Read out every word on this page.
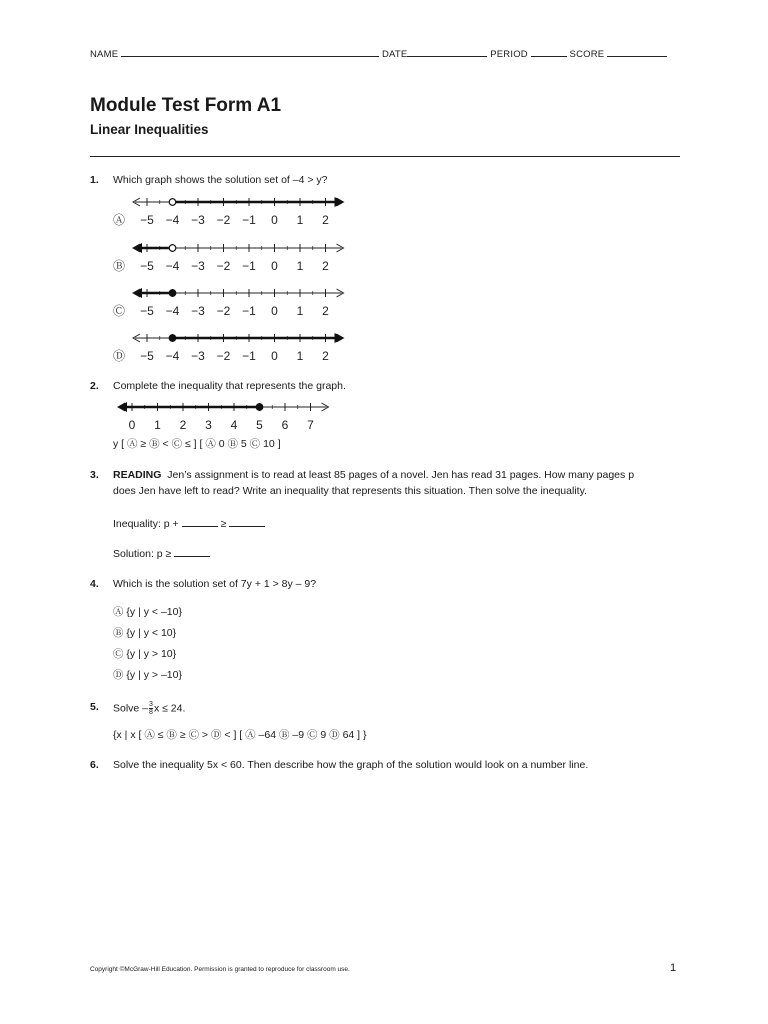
NAME	DATE	PERIOD	SCORE
Module Test Form A1
Linear Inequalities
1. Which graph shows the solution set of –4 > y?
−5 −4 −3 −2 −1 0 1 2
Ⓐ
−5 −4 −3 −2 −1 0 1 2
Ⓑ
−5 −4 −3 −2 −1 0 1 2
Ⓒ
−5 −4 −3 −2 −1 0 1 2
Ⓓ
2. Complete the inequality that represents the graph.
0 1 2 3 4 5 6 7
y [ Ⓐ ≥ Ⓑ < Ⓒ ≤ ] [ Ⓐ 0 Ⓑ 5 Ⓒ 10 ]
3. READING Jen’s assignment is to read at least 85 pages of a novel. Jen has read 31 pages. How many pages p
does Jen have left to read? Write an inequality that represents this situation. Then solve the inequality.
Inequality: p +	≥
Solution: p ≥
4. Which is the solution set of 7y + 1 > 8y – 9?
Ⓐ {y | y < –10}
Ⓑ {y | y < 10}
Ⓒ {y | y > 10}
Ⓓ {y | y > –10}
5. Solve – $\frac{3}{8}$ x ≤ 24.
{x | x [ Ⓐ ≤ Ⓑ ≥ Ⓒ > Ⓓ < ] [ Ⓐ –64 Ⓑ –9 Ⓒ 9 Ⓓ 64 ] }
6. Solve the inequality 5x < 60. Then describe how the graph of the solution would look on a number line.
Copyright ©McGraw-Hill Education. Permission is granted to reproduce for classroom use.	1
